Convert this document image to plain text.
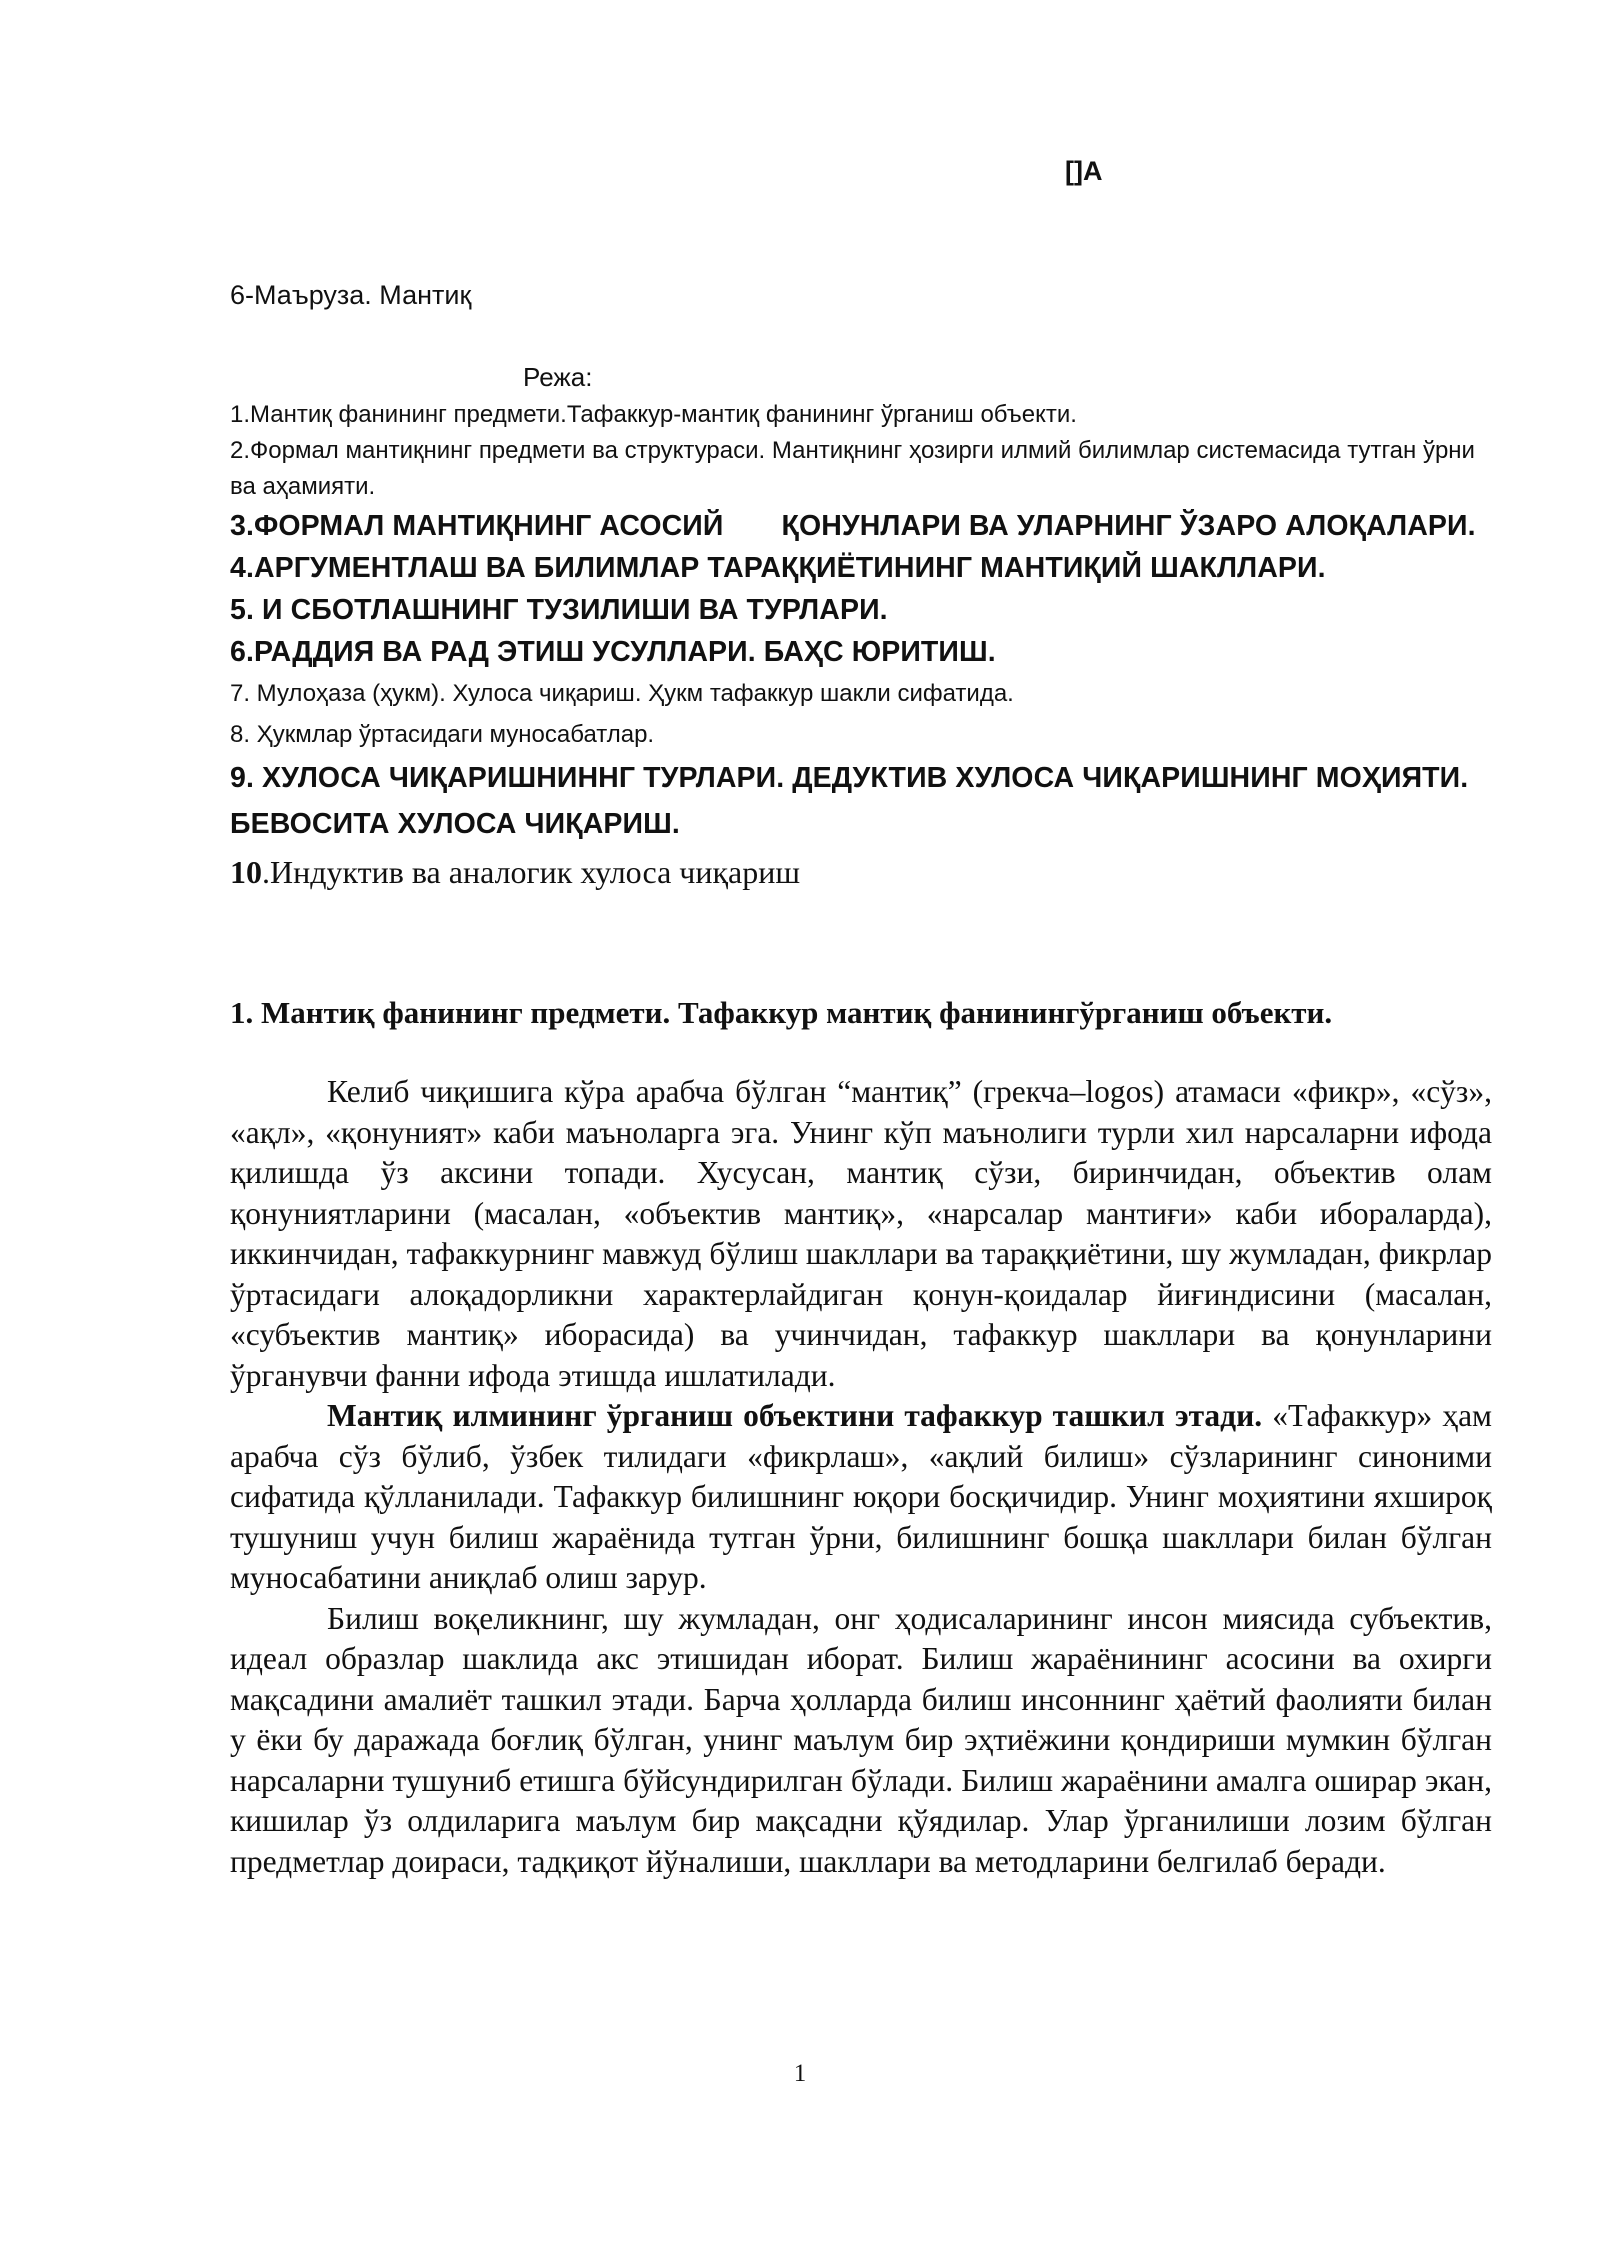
[]А
6-Маъруза. Мантиқ
Режа:

1.Мантиқ фанининг предмети.Тафаккур-мантиқ фанининг ўрганиш объекти.

2.Формал мантиқнинг предмети ва структураси. Мантиқнинг ҳозирги илмий билимлар системасида тутган ўрни ва аҳамияти.

3.ФОРМАЛ МАНТИҚНИНГ АСОСИЙ ҚОНУНЛАРИ ВА УЛАРНИНГ ЎЗАРО АЛОҚАЛАРИ.

4.АРГУМЕНТЛАШ ВА БИЛИМЛАР ТАРАҚҚИЁТИНИНГ МАНТИҚИЙ ШАКЛЛАРИ.

5. И СБОТЛАШНИНГ ТУЗИЛИШИ ВА ТУРЛАРИ.

6.РАДДИЯ ВА РАД ЭТИШ УСУЛЛАРИ. БАҲС ЮРИТИШ.

7. Мулоҳаза (ҳукм). Хулоса чиқариш. Ҳукм тафаккур шакли сифатида.

8. Ҳукмлар ўртасидаги муносабатлар.

9. ХУЛОСА ЧИҚАРИШНИННГ ТУРЛАРИ. ДЕДУКТИВ ХУЛОСА ЧИҚАРИШНИНГ МОҲИЯТИ. БЕВОСИТА ХУЛОСА ЧИҚАРИШ.

10.Индуктив ва аналогик хулоса чиқариш

1. Мантиқ фанининг предмети. Тафаккур мантиқ фанинингўрганиш объекти.

Келиб чиқишига кўра арабча бўлган “мантиқ” (грекча–logos) атамаси «фикр», «сўз», «ақл», «қонуният» каби маъноларга эга. Унинг кўп маънолиги турли хил нарсаларни ифода қилишда ўз аксини топади. Хусусан, мантиқ сўзи, биринчидан, объектив олам қонуниятларини (масалан, «объектив мантиқ», «нарсалар мантиғи» каби ибораларда), иккинчидан, тафаккурнинг мавжуд бўлиш шакллари ва тараққиётини, шу жумладан, фикрлар ўртасидаги алоқадорликни характерлайдиган қонун-қоидалар йиғиндисини (масалан, «субъектив мантиқ» иборасида) ва учинчидан, тафаккур шакллари ва қонунларини ўрганувчи фанни ифода этишда ишлатилади.

Мантиқ илмининг ўрганиш объектини тафаккур ташкил этади. «Тафаккур» ҳам арабча сўз бўлиб, ўзбек тилидаги «фикрлаш», «ақлий билиш» сўзларининг синоними сифатида қўлланилади. Тафаккур билишнинг юқори босқичидир. Унинг моҳиятини яхшироқ тушуниш учун билиш жараёнида тутган ўрни, билишнинг бошқа шакллари билан бўлган муносабатини аниқлаб олиш зарур.

Билиш воқеликнинг, шу жумладан, онг ҳодисаларининг инсон миясида субъектив, идеал образлар шаклида акс этишидан иборат. Билиш жараёнининг асосини ва охирги мақсадини амалиёт ташкил этади. Барча ҳолларда билиш инсоннинг ҳаётий фаолияти билан у ёки бу даражада боғлиқ бўлган, унинг маълум бир эҳтиёжини қондириши мумкин бўлган нарсаларни тушуниб етишга бўйсундирилган бўлади. Билиш жараёнини амалга оширар экан, кишилар ўз олдиларига маълум бир мақсадни қўядилар. Улар ўрганилиши лозим бўлган предметлар доираси, тадқиқот йўналиши, шакллари ва методларини белгилаб беради.

1
